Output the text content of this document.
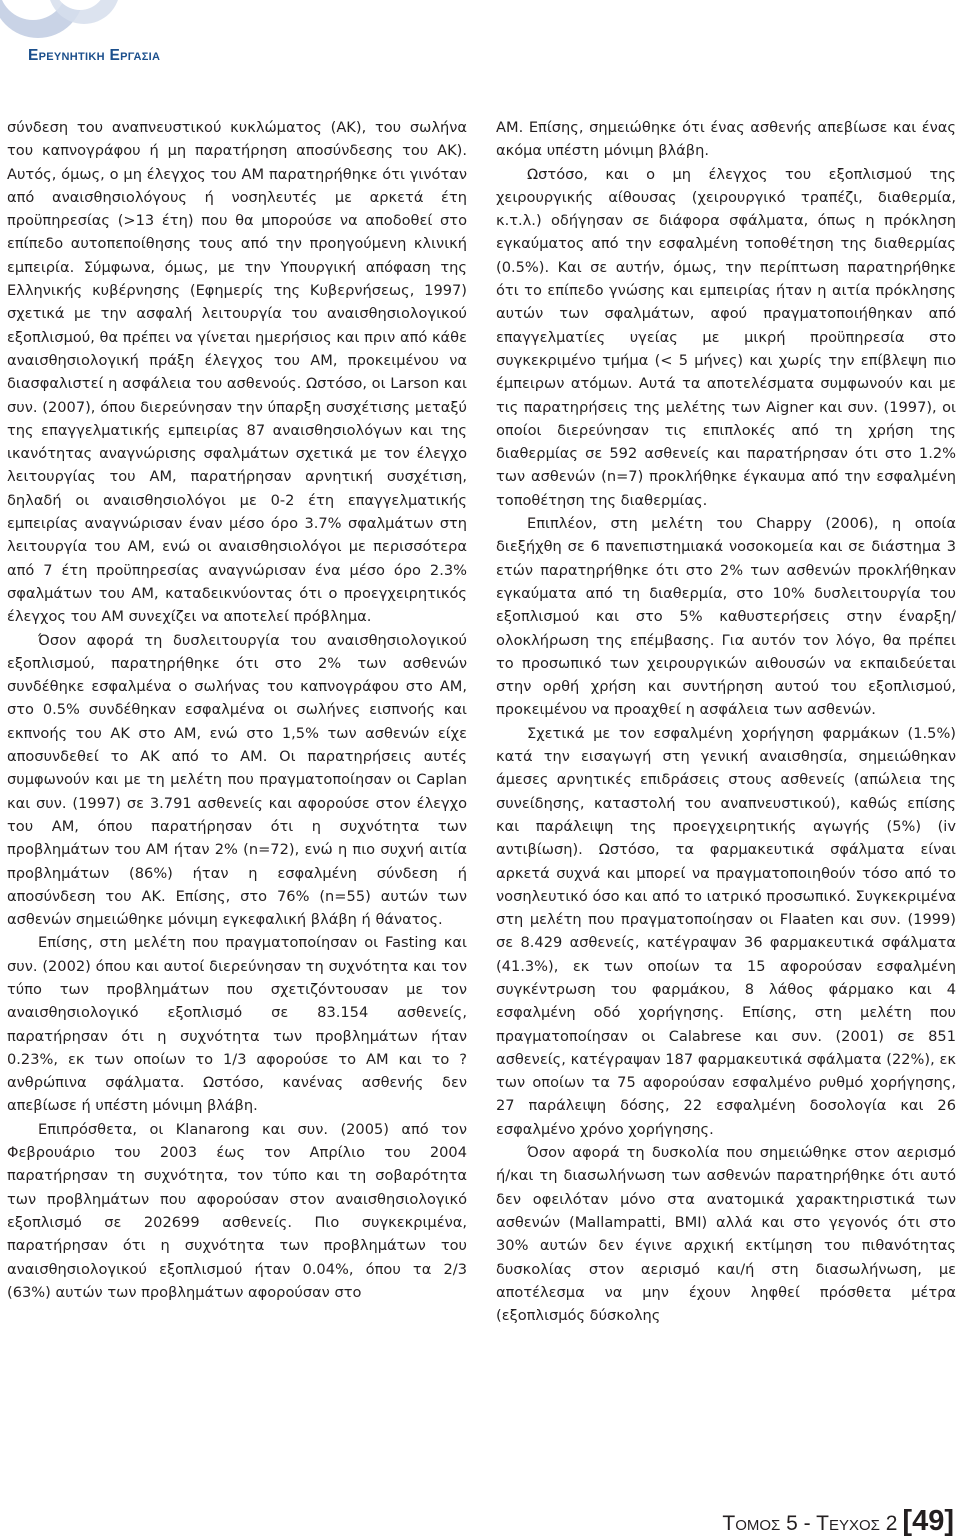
Ερευνητικη Εργασια

σύνδεση του αναπνευστικού κυκλώματος (ΑΚ), του σωλήνα του καπνογράφου ή μη παρατήρηση αποσύνδεσης του ΑΚ). Αυτός, όμως, ο μη έλεγχος του ΑΜ παρατηρήθηκε ότι γινόταν από αναισθησιολόγους ή νοσηλευτές με αρκετά έτη προϋπηρεσίας (>13 έτη) που θα μπορούσε να αποδοθεί στο επίπεδο αυτοπεποίθησης τους από την προηγούμενη κλινική εμπειρία. Σύμφωνα, όμως, με την Υπουργική απόφαση της Ελληνικής κυβέρνησης (Εφημερίς της Κυβερνήσεως, 1997) σχετικά με την ασφαλή λειτουργία του αναισθησιολογικού εξοπλισμού, θα πρέπει να γίνεται ημερήσιος και πριν από κάθε αναισθησιολογική πράξη έλεγχος του ΑΜ, προκειμένου να διασφαλιστεί η ασφάλεια του ασθενούς. Ωστόσο, οι Larson και συν. (2007), όπου διερεύνησαν την ύπαρξη συσχέτισης μεταξύ της επαγγελματικής εμπειρίας 87 αναισθησιολόγων και της ικανότητας αναγνώρισης σφαλμάτων σχετικά με τον έλεγχο λειτουργίας του ΑΜ, παρατήρησαν αρνητική συσχέτιση, δηλαδή οι αναισθησιολόγοι με 0-2 έτη επαγγελματικής εμπειρίας αναγνώρισαν έναν μέσο όρο 3.7% σφαλμάτων στη λειτουργία του ΑΜ, ενώ οι αναισθησιολόγοι με περισσότερα από 7 έτη προϋπηρεσίας αναγνώρισαν ένα μέσο όρο 2.3% σφαλμάτων του ΑΜ, καταδεικνύοντας ότι ο προεγχειρητικός έλεγχος του ΑΜ συνεχίζει να αποτελεί πρόβλημα.

Όσον αφορά τη δυσλειτουργία του αναισθησιολογικού εξοπλισμού, παρατηρήθηκε ότι στο 2% των ασθενών συνδέθηκε εσφαλμένα ο σωλήνας του καπνογράφου στο ΑΜ, στο 0.5% συνδέθηκαν εσφαλμένα οι σωλήνες εισπνοής και εκπνοής του ΑΚ στο ΑΜ, ενώ στο 1,5% των ασθενών είχε αποσυνδεθεί το ΑΚ από το ΑΜ. Οι παρατηρήσεις αυτές συμφωνούν και με τη μελέτη που πραγματοποίησαν οι Caplan και συν. (1997) σε 3.791 ασθενείς και αφορούσε στον έλεγχο του ΑΜ, όπου παρατήρησαν ότι η συχνότητα των προβλημάτων του ΑΜ ήταν 2% (n=72), ενώ η πιο συχνή αιτία προβλημάτων (86%) ήταν η εσφαλμένη σύνδεση ή αποσύνδεση του ΑΚ. Επίσης, στο 76% (n=55) αυτών των ασθενών σημειώθηκε μόνιμη εγκεφαλική βλάβη ή θάνατος.

Επίσης, στη μελέτη που πραγματοποίησαν οι Fasting και συν. (2002) όπου και αυτοί διερεύνησαν τη συχνότητα και τον τύπο των προβλημάτων που σχετιζόντουσαν με τον αναισθησιολογικό εξοπλισμό σε 83.154 ασθενείς, παρατήρησαν ότι η συχνότητα των προβλημάτων ήταν 0.23%, εκ των οποίων το 1/3 αφορούσε το ΑΜ και το ? ανθρώπινα σφάλματα. Ωστόσο, κανένας ασθενής δεν απεβίωσε ή υπέστη μόνιμη βλάβη.

Επιπρόσθετα, οι Klanarong και συν. (2005) από τον Φεβρουάριο του 2003 έως τον Απρίλιο του 2004 παρατήρησαν τη συχνότητα, τον τύπο και τη σοβαρότητα των προβλημάτων που αφορούσαν στον αναισθησιολογικό εξοπλισμό σε 202699 ασθενείς. Πιο συγκεκριμένα, παρατήρησαν ότι η συχνότητα των προβλημάτων του αναισθησιολογικού εξοπλισμού ήταν 0.04%, όπου τα 2/3 (63%) αυτών των προβλημάτων αφορούσαν στο

ΑΜ. Επίσης, σημειώθηκε ότι ένας ασθενής απεβίωσε και ένας ακόμα υπέστη μόνιμη βλάβη.

Ωστόσο, και ο μη έλεγχος του εξοπλισμού της χειρουργικής αίθουσας (χειρουργικό τραπέζι, διαθερμία, κ.τ.λ.) οδήγησαν σε διάφορα σφάλματα, όπως η πρόκληση εγκαύματος από την εσφαλμένη τοποθέτηση της διαθερμίας (0.5%). Και σε αυτήν, όμως, την περίπτωση παρατηρήθηκε ότι το επίπεδο γνώσης και εμπειρίας ήταν η αιτία πρόκλησης αυτών των σφαλμάτων, αφού πραγματοποιήθηκαν από επαγγελματίες υγείας με μικρή προϋπηρεσία στο συγκεκριμένο τμήμα (< 5 μήνες) και χωρίς την επίβλεψη πιο έμπειρων ατόμων. Αυτά τα αποτελέσματα συμφωνούν και με τις παρατηρήσεις της μελέτης των Aigner και συν. (1997), οι οποίοι διερεύνησαν τις επιπλοκές από τη χρήση της διαθερμίας σε 592 ασθενείς και παρατήρησαν ότι στο 1.2% των ασθενών (n=7) προκλήθηκε έγκαυμα από την εσφαλμένη τοποθέτηση της διαθερμίας.

Επιπλέον, στη μελέτη του Chappy (2006), η οποία διεξήχθη σε 6 πανεπιστημιακά νοσοκομεία και σε διάστημα 3 ετών παρατηρήθηκε ότι στο 2% των ασθενών προκλήθηκαν εγκαύματα από τη διαθερμία, στο 10% δυσλειτουργία του εξοπλισμού και στο 5% καθυστερήσεις στην έναρξη/ολοκλήρωση της επέμβασης. Για αυτόν τον λόγο, θα πρέπει το προσωπικό των χειρουργικών αιθουσών να εκπαιδεύεται στην ορθή χρήση και συντήρηση αυτού του εξοπλισμού, προκειμένου να προαχθεί η ασφάλεια των ασθενών.

Σχετικά με τον εσφαλμένη χορήγηση φαρμάκων (1.5%) κατά την εισαγωγή στη γενική αναισθησία, σημειώθηκαν άμεσες αρνητικές επιδράσεις στους ασθενείς (απώλεια της συνείδησης, καταστολή του αναπνευστικού), καθώς επίσης και παράλειψη της προεγχειρητικής αγωγής (5%) (iv αντιβίωση). Ωστόσο, τα φαρμακευτικά σφάλματα είναι αρκετά συχνά και μπορεί να πραγματοποιηθούν τόσο από το νοσηλευτικό όσο και από το ιατρικό προσωπικό. Συγκεκριμένα στη μελέτη που πραγματοποίησαν οι Flaaten και συν. (1999) σε 8.429 ασθενείς, κατέγραψαν 36 φαρμακευτικά σφάλματα (41.3%), εκ των οποίων τα 15 αφορούσαν εσφαλμένη συγκέντρωση του φαρμάκου, 8 λάθος φάρμακο και 4 εσφαλμένη οδό χορήγησης. Επίσης, στη μελέτη που πραγματοποίησαν οι Calabrese και συν. (2001) σε 851 ασθενείς, κατέγραψαν 187 φαρμακευτικά σφάλματα (22%), εκ των οποίων τα 75 αφορούσαν εσφαλμένο ρυθμό χορήγησης, 27 παράλειψη δόσης, 22 εσφαλμένη δοσολογία και 26 εσφαλμένο χρόνο χορήγησης.

Όσον αφορά τη δυσκολία που σημειώθηκε στον αερισμό ή/και τη διασωλήνωση των ασθενών παρατηρήθηκε ότι αυτό δεν οφειλόταν μόνο στα ανατομικά χαρακτηριστικά των ασθενών (Mallampatti, BMI) αλλά και στο γεγονός ότι στο 30% αυτών δεν έγινε αρχική εκτίμηση του πιθανότητας δυσκολίας στον αερισμό και/ή στη διασωλήνωση, με αποτέλεσμα να μην έχουν ληφθεί πρόσθετα μέτρα (εξοπλισμός δύσκολης

Τομος 5 - Τευχος 2 [49]
